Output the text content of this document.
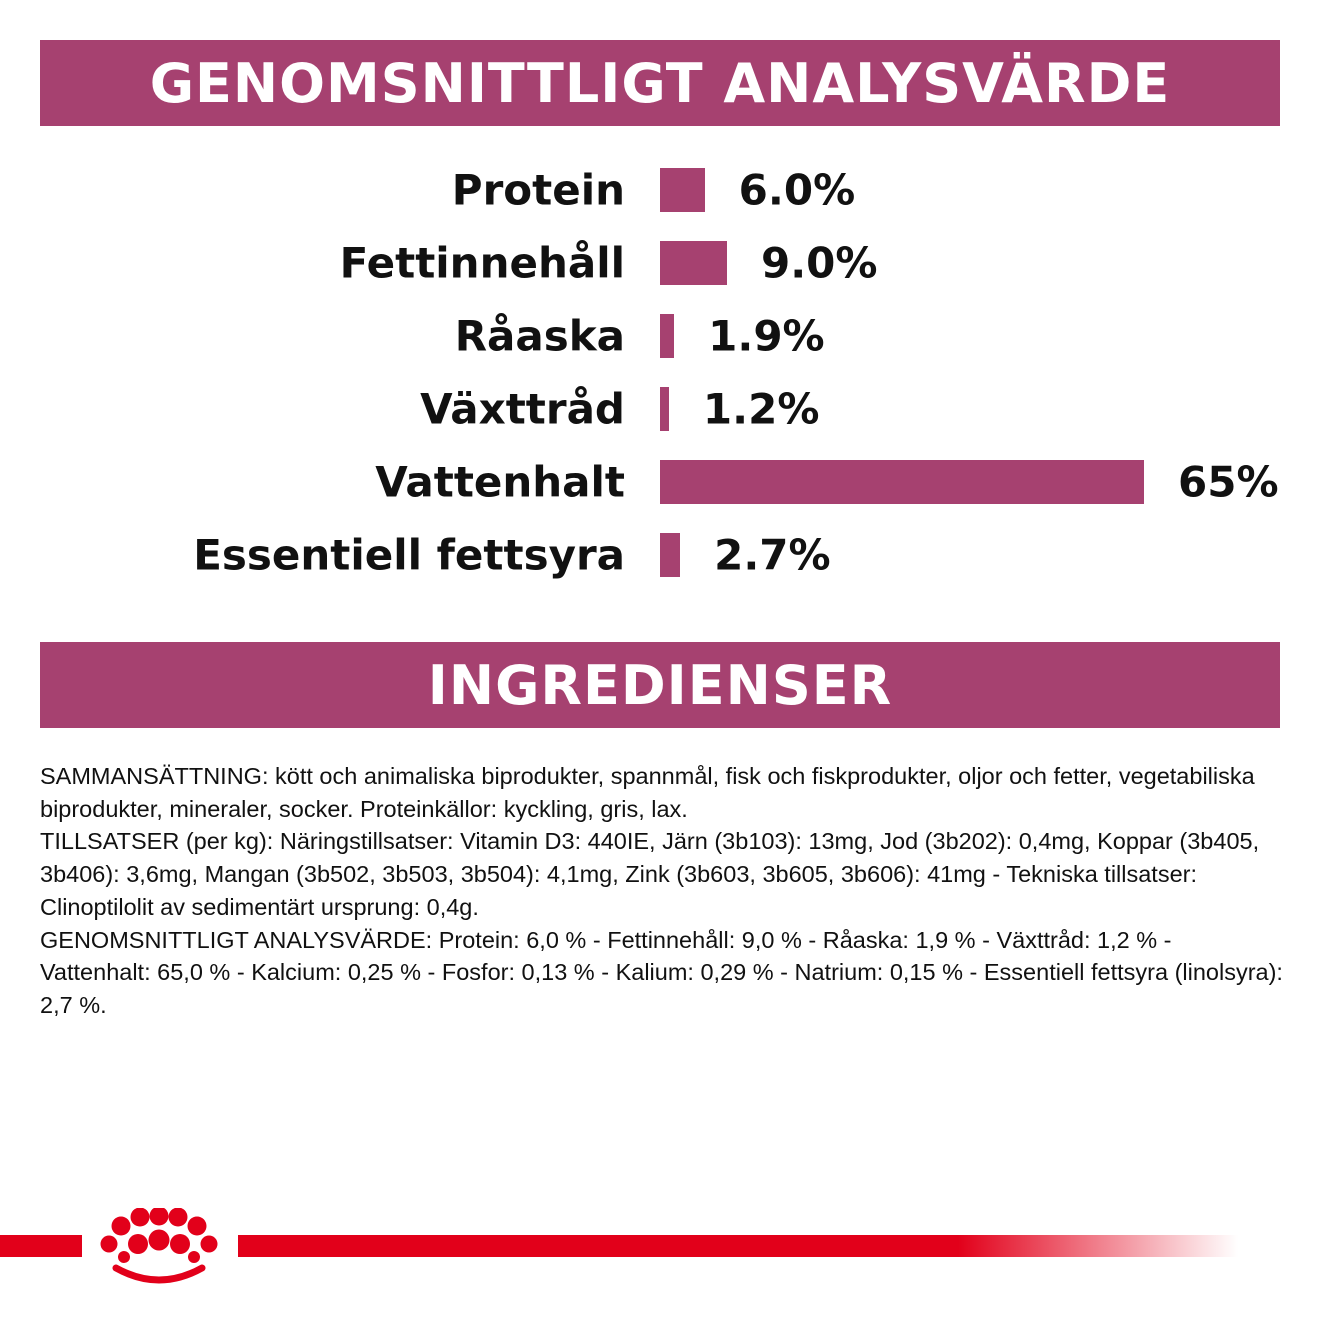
GENOMSNITTLIGT ANALYSVÄRDE
Protein	6.0%
Fettinnehåll	9.0%
Råaska 1.9%
Växttråd 1.2%
Vattenhalt	65%
Essentiell fettsyra 2.7%
INGREDIENSER

SAMMANSÄTTNING: kött och animaliska biprodukter, spannmål, fisk och fiskprodukter, oljor och fetter, vegetabiliska biprodukter, mineraler, socker. Proteinkällor: kyckling, gris, lax.

TILLSATSER (per kg): Näringstillsatser: Vitamin D3: 440IE, Järn (3b103): 13mg, Jod (3b202): 0,4mg, Koppar (3b405, 3b406): 3,6mg, Mangan (3b502, 3b503, 3b504): 4,1mg, Zink (3b603, 3b605, 3b606): 41mg - Tekniska tillsatser: Clinoptilolit av sedimentärt ursprung: 0,4g.

GENOMSNITTLIGT ANALYSVÄRDE: Protein: 6,0 % - Fettinnehåll: 9,0 % - Råaska: 1,9 % - Växttråd: 1,2 % - Vattenhalt: 65,0 % - Kalcium: 0,25 % - Fosfor: 0,13 % - Kalium: 0,29 % - Natrium: 0,15 % - Essentiell fettsyra (linolsyra): 2,7 %.
